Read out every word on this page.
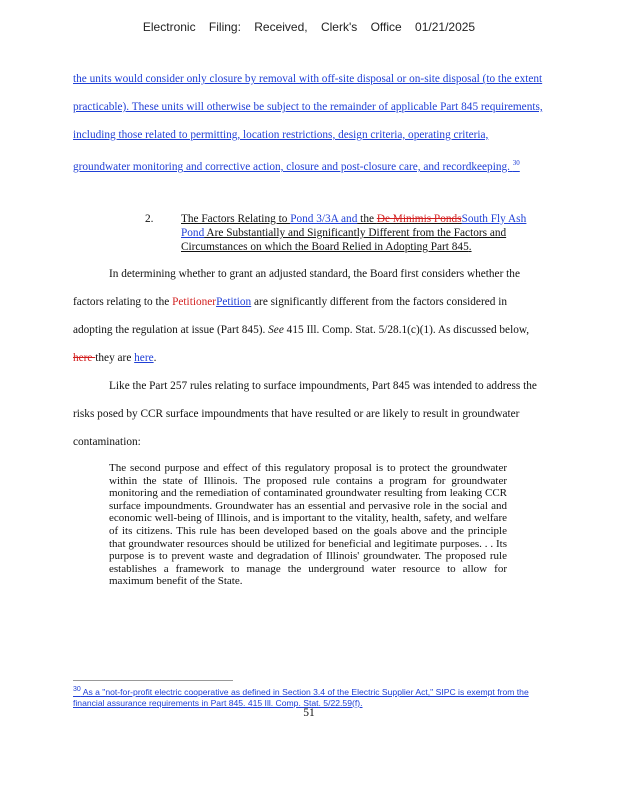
Electronic Filing: Received, Clerk's Office 01/21/2025
the units would consider only closure by removal with off-site disposal or on-site disposal (to the extent practicable). These units will otherwise be subject to the remainder of applicable Part 845 requirements, including those related to permitting, location restrictions, design criteria, operating criteria, groundwater monitoring and corrective action, closure and post-closure care, and recordkeeping. $^{30}$
2. The Factors Relating to Pond 3/3A and the De Minimis PondsSouth Fly Ash Pond Are Substantially and Significantly Different from the Factors and Circumstances on which the Board Relied in Adopting Part 845.
In determining whether to grant an adjusted standard, the Board first considers whether the factors relating to the PetitionerPetition are significantly different from the factors considered in adopting the regulation at issue (Part 845). See 415 Ill. Comp. Stat. 5/28.1(c)(1). As discussed below, here they are here.
Like the Part 257 rules relating to surface impoundments, Part 845 was intended to address the risks posed by CCR surface impoundments that have resulted or are likely to result in groundwater contamination:
The second purpose and effect of this regulatory proposal is to protect the groundwater within the state of Illinois. The proposed rule contains a program for groundwater monitoring and the remediation of contaminated groundwater resulting from leaking CCR surface impoundments. Groundwater has an essential and pervasive role in the social and economic well-being of Illinois, and is important to the vitality, health, safety, and welfare of its citizens. This rule has been developed based on the goals above and the principle that groundwater resources should be utilized for beneficial and legitimate purposes. . . Its purpose is to prevent waste and degradation of Illinois' groundwater. The proposed rule establishes a framework to manage the underground water resource to allow for maximum benefit of the State.
$^{30}$ As a "not-for-profit electric cooperative as defined in Section 3.4 of the Electric Supplier Act," SIPC is exempt from the financial assurance requirements in Part 845. 415 Ill. Comp. Stat. 5/22.59(f).
51
